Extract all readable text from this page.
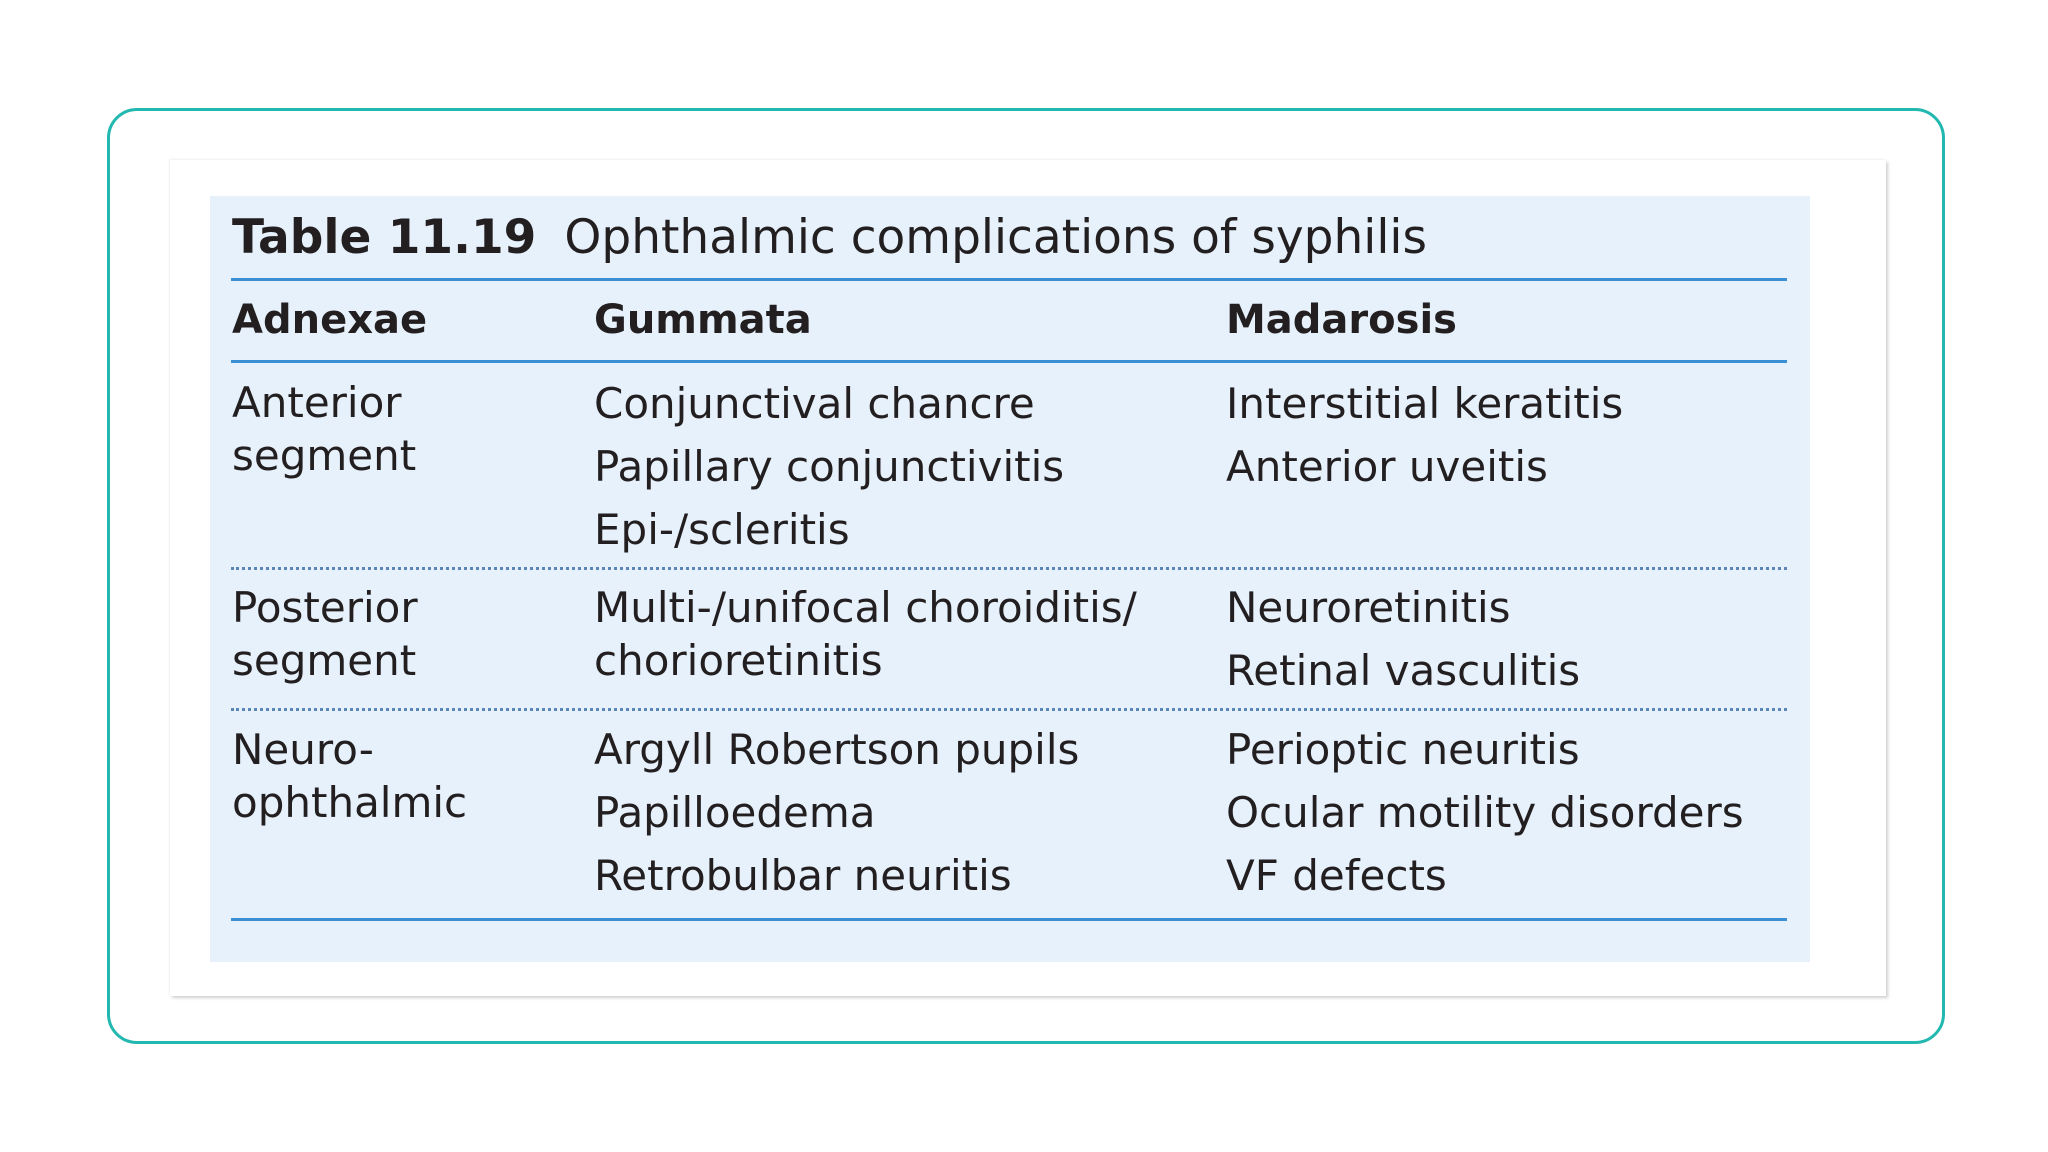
Table 11.19 Ophthalmic complications of syphilis
Adnexae	Gummata	Madarosis
Anterior
segment
Conjunctival chancre
Papillary conjunctivitis
Epi-/scleritis
Interstitial keratitis
Anterior uveitis
Posterior
segment
Multi-/unifocal choroiditis/
chorioretinitis
Neuroretinitis
Retinal vasculitis
Neuro-
ophthalmic
Argyll Robertson pupils
Papilloedema
Retrobulbar neuritis
Perioptic neuritis
Ocular motility disorders
VF defects
